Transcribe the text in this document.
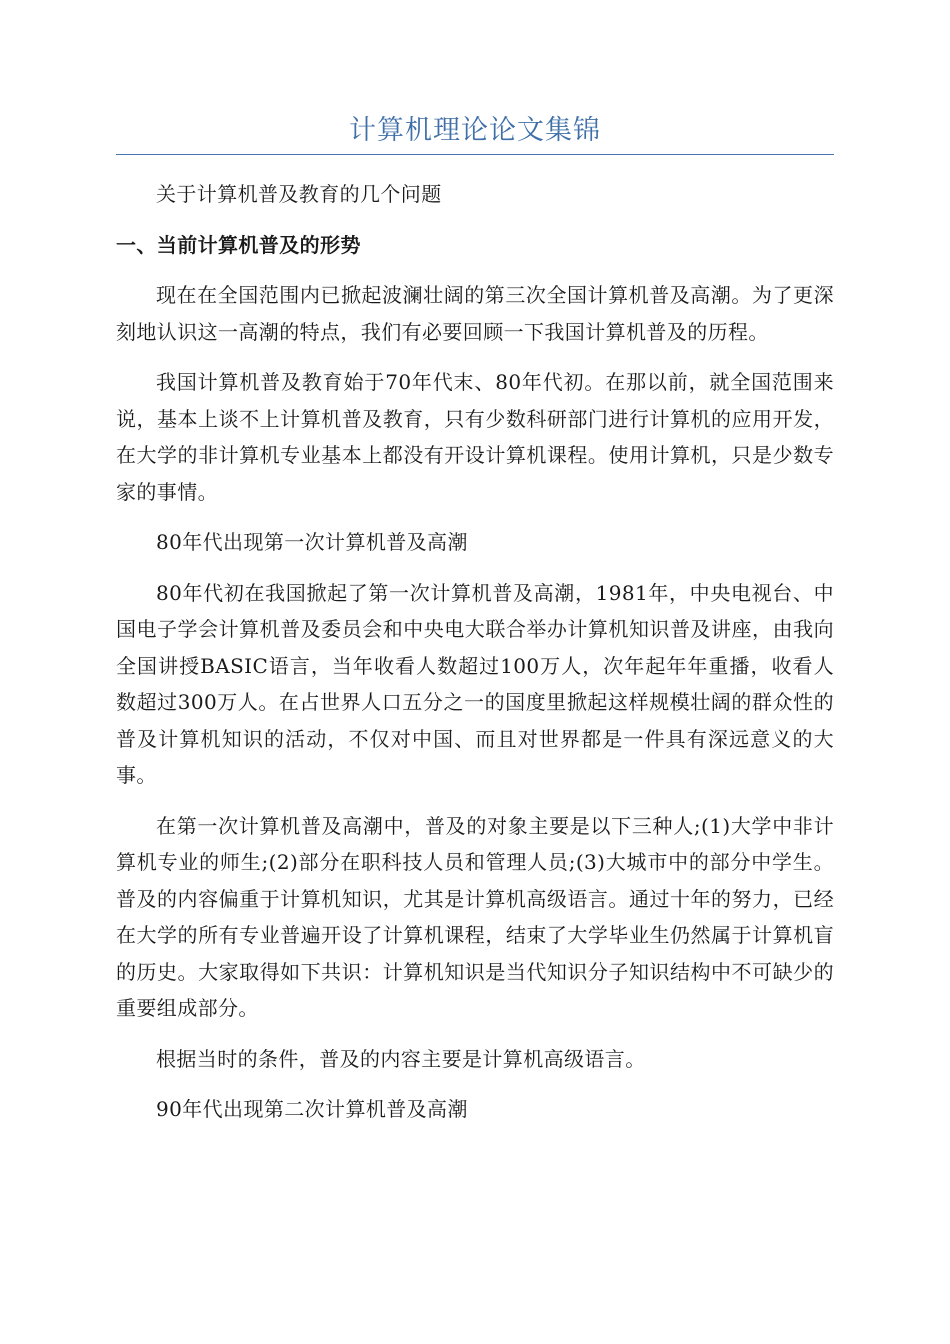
计算机理论论文集锦

关于计算机普及教育的几个问题

一、当前计算机普及的形势

现在在全国范围内已掀起波澜壮阔的第三次全国计算机普及高潮。为了更深刻地认识这一高潮的特点，我们有必要回顾一下我国计算机普及的历程。

我国计算机普及教育始于70年代末、80年代初。在那以前，就全国范围来说，基本上谈不上计算机普及教育，只有少数科研部门进行计算机的应用开发，在大学的非计算机专业基本上都没有开设计算机课程。使用计算机，只是少数专家的事情。

80年代出现第一次计算机普及高潮

80年代初在我国掀起了第一次计算机普及高潮，1981年，中央电视台、中国电子学会计算机普及委员会和中央电大联合举办计算机知识普及讲座，由我向全国讲授BASIC语言，当年收看人数超过100万人，次年起年年重播，收看人数超过300万人。在占世界人口五分之一的国度里掀起这样规模壮阔的群众性的普及计算机知识的活动，不仅对中国、而且对世界都是一件具有深远意义的大事。

在第一次计算机普及高潮中，普及的对象主要是以下三种人;(1)大学中非计算机专业的师生;(2)部分在职科技人员和管理人员;(3)大城市中的部分中学生。普及的内容偏重于计算机知识，尤其是计算机高级语言。通过十年的努力，已经在大学的所有专业普遍开设了计算机课程，结束了大学毕业生仍然属于计算机盲的历史。大家取得如下共识：计算机知识是当代知识分子知识结构中不可缺少的重要组成部分。

根据当时的条件，普及的内容主要是计算机高级语言。

90年代出现第二次计算机普及高潮
